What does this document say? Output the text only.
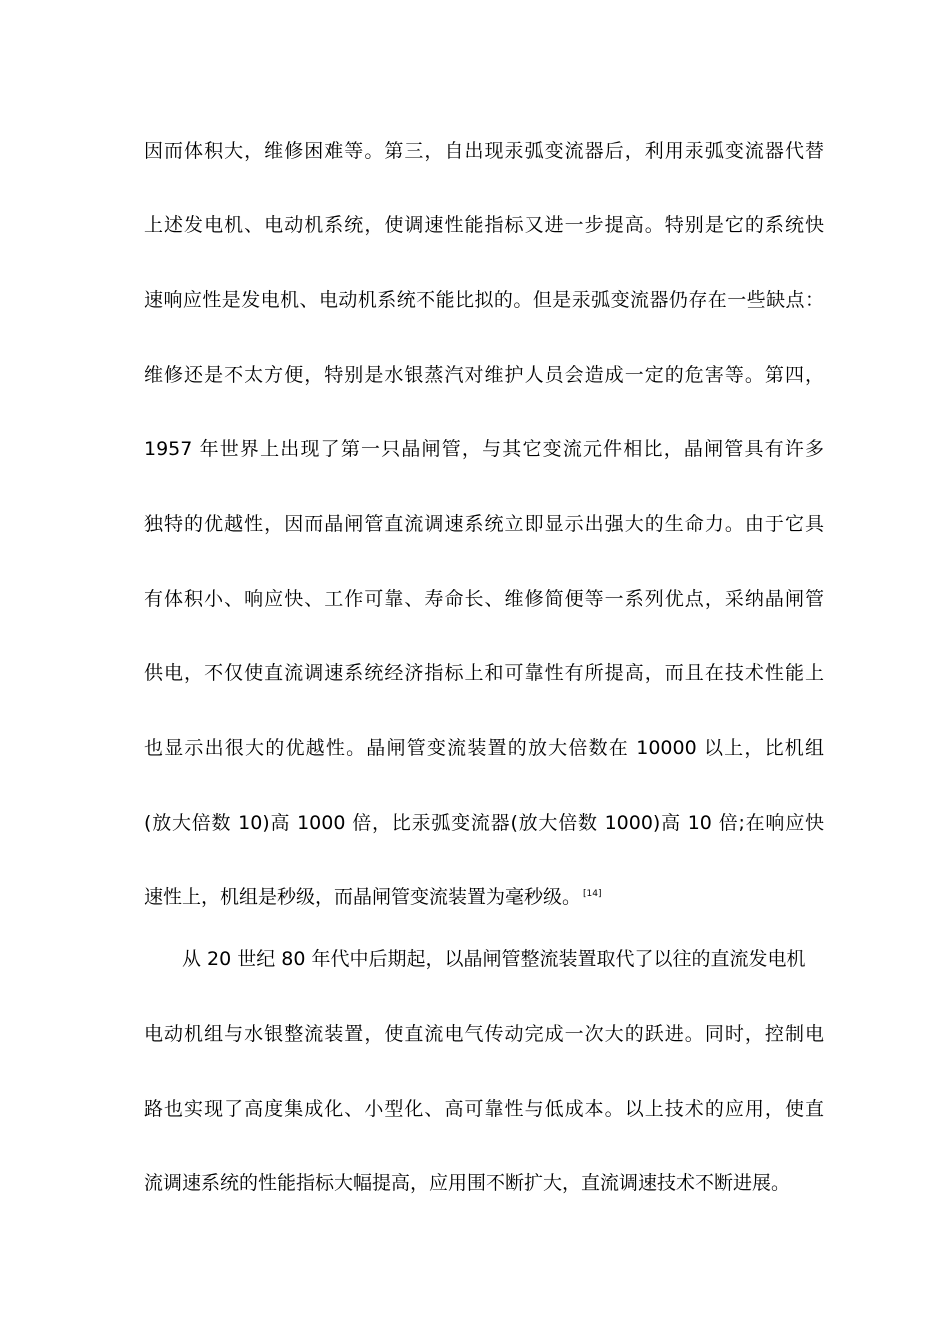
因而体积大，维修困难等。第三，自出现汞弧变流器后，利用汞弧变流器代替
上述发电机、电动机系统，使调速性能指标又进一步提高。特别是它的系统快
速响应性是发电机、电动机系统不能比拟的。但是汞弧变流器仍存在一些缺点：
维修还是不太方便，特别是水银蒸汽对维护人员会造成一定的危害等。第四，
1957 年世界上出现了第一只晶闸管，与其它变流元件相比，晶闸管具有许多
独特的优越性，因而晶闸管直流调速系统立即显示出强大的生命力。由于它具
有体积小、响应快、工作可靠、寿命长、维修简便等一系列优点，采纳晶闸管
供电，不仅使直流调速系统经济指标上和可靠性有所提高，而且在技术性能上
也显示出很大的优越性。晶闸管变流装置的放大倍数在 10000 以上，比机组
(放大倍数 10)高 1000 倍，比汞弧变流器(放大倍数 1000)高 10 倍;在响应快
速性上，机组是秒级，而晶闸管变流装置为毫秒级。 [14]
从 20 世纪 80 年代中后期起，以晶闸管整流装置取代了以往的直流发电机
电动机组与水银整流装置，使直流电气传动完成一次大的跃进。同时，控制电
路也实现了高度集成化、小型化、高可靠性与低成本。以上技术的应用，使直
流调速系统的性能指标大幅提高，应用围不断扩大，直流调速技术不断进展。
